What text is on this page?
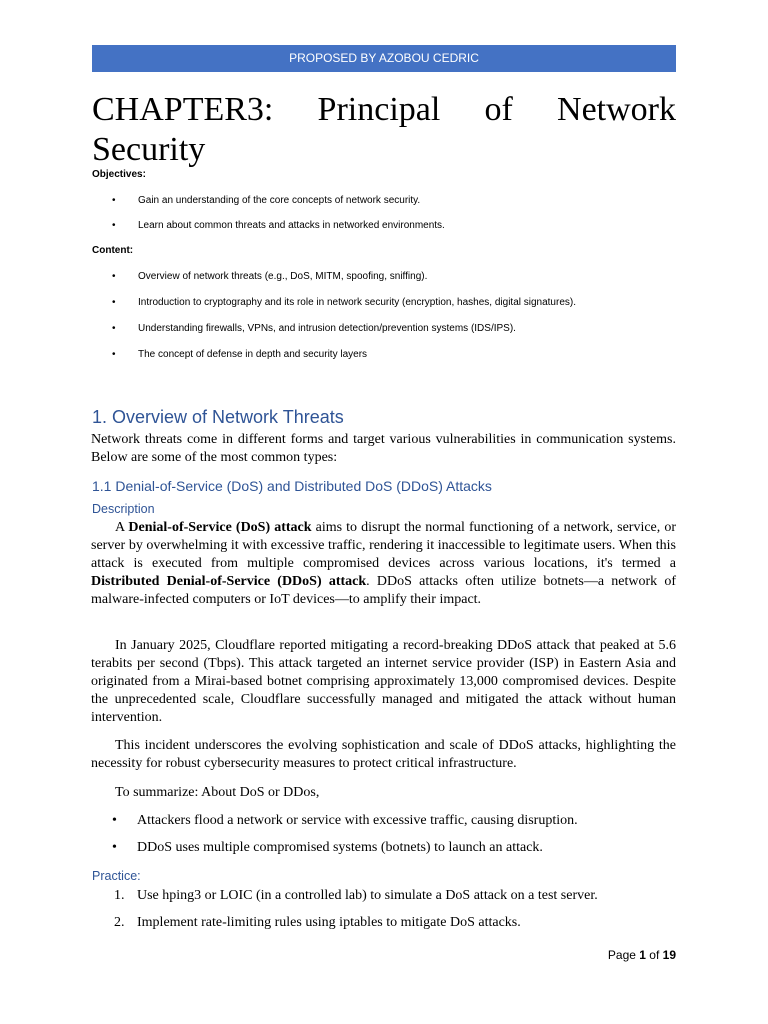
PROPOSED BY AZOBOU CEDRIC
CHAPTER3: Principal of Network
Security
Objectives:
• Gain an understanding of the core concepts of network security.
• Learn about common threats and attacks in networked environments.
Content:
• Overview of network threats (e.g., DoS, MITM, spoofing, sniffing).
• Introduction to cryptography and its role in network security (encryption, hashes, digital signatures).
• Understanding firewalls, VPNs, and intrusion detection/prevention systems (IDS/IPS).
• The concept of defense in depth and security layers
1. Overview of Network Threats

Network threats come in different forms and target various vulnerabilities in communication systems. Below are some of the most common types:

1.1 Denial-of-Service (DoS) and Distributed DoS (DDoS) Attacks
Description

A Denial-of-Service (DoS) attack aims to disrupt the normal functioning of a network, service, or server by overwhelming it with excessive traffic, rendering it inaccessible to legitimate users. When this attack is executed from multiple compromised devices across various locations, it's termed a Distributed Denial-of-Service (DDoS) attack. DDoS attacks often utilize botnets—a network of malware-infected computers or IoT devices—to amplify their impact.

In January 2025, Cloudflare reported mitigating a record-breaking DDoS attack that peaked at 5.6 terabits per second (Tbps). This attack targeted an internet service provider (ISP) in Eastern Asia and originated from a Mirai-based botnet comprising approximately 13,000 compromised devices. Despite the unprecedented scale, Cloudflare successfully managed and mitigated the attack without human intervention.

This incident underscores the evolving sophistication and scale of DDoS attacks, highlighting the necessity for robust cybersecurity measures to protect critical infrastructure.

To summarize: About DoS or DDos,

• Attackers flood a network or service with excessive traffic, causing disruption.
• DDoS uses multiple compromised systems (botnets) to launch an attack.
Practice:
1. Use hping3 or LOIC (in a controlled lab) to simulate a DoS attack on a test server.
2. Implement rate-limiting rules using iptables to mitigate DoS attacks.
Page 1 of 19
